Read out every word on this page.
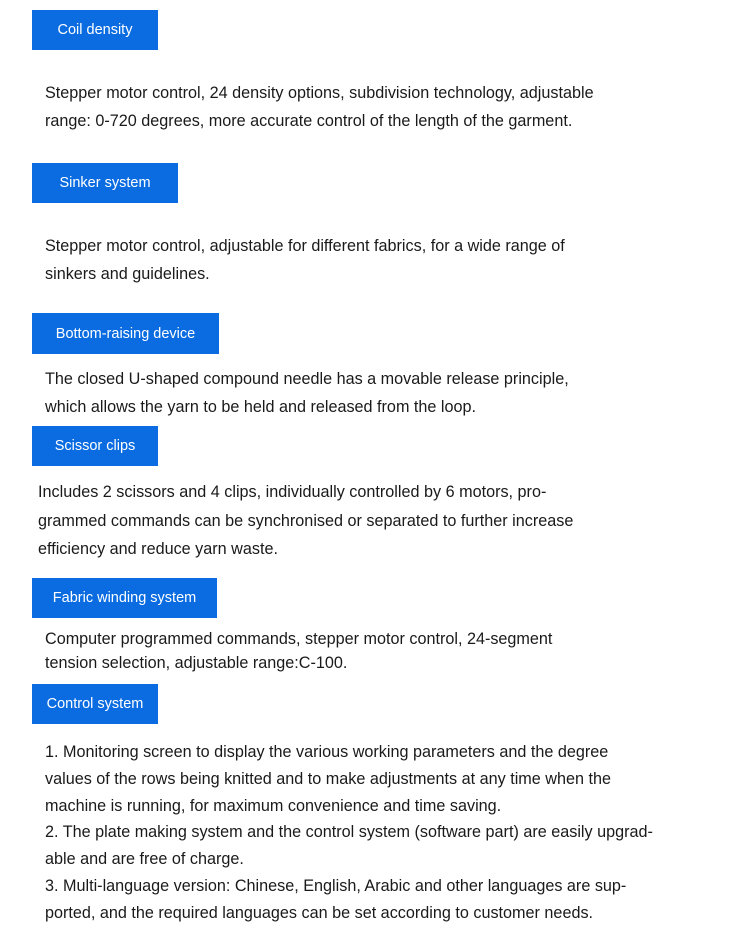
Coil density
Stepper motor control, 24 density options, subdivision technology, adjustable
range: 0-720 degrees, more accurate control of the length of the garment.
Sinker system
Stepper motor control, adjustable for different fabrics, for a wide range of
sinkers and guidelines.
Bottom-raising device
The closed U-shaped compound needle has a movable release principle,
which allows the yarn to be held and released from the loop.
Scissor clips
Includes 2 scissors and 4 clips, individually controlled by 6 motors, pro-
grammed commands can be synchronised or separated to further increase
efficiency and reduce yarn waste.
Fabric winding system
Computer programmed commands, stepper motor control, 24-segment
tension selection, adjustable range:C-100.
Control system
1. Monitoring screen to display the various working parameters and the degree
values of the rows being knitted and to make adjustments at any time when the
machine is running, for maximum convenience and time saving.
2. The plate making system and the control system (software part) are easily upgrad-
able and are free of charge.
3. Multi-language version: Chinese, English, Arabic and other languages are sup-
ported, and the required languages can be set according to customer needs.
